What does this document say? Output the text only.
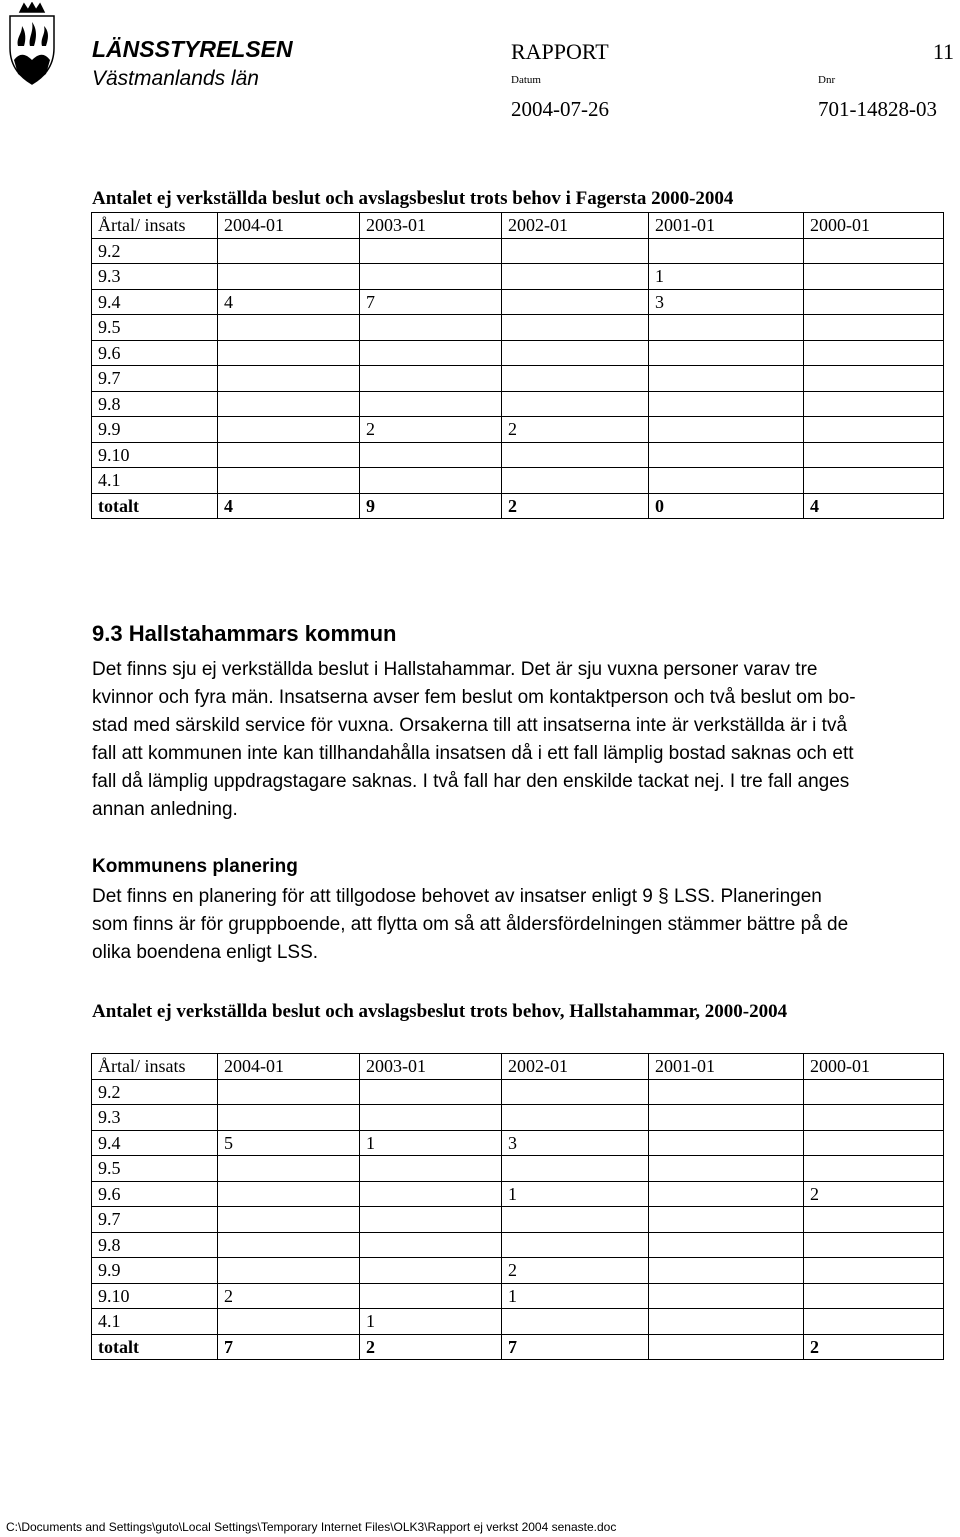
LÄNSSTYRELSEN
Västmanlands län
RAPPORT	11
Datum	Dnr
2004-07-26	701-14828-03
Antalet ej verkställda beslut och avslagsbeslut trots behov i Fagersta 2000-2004
Årtal/ insats	2004-01	2003-01	2002-01	2001-01	2000-01
9.2					
9.3				1	
9.4	4	7		3	
9.5					
9.6					
9.7					
9.8					
9.9		2	2		
9.10					
4.1					
totalt	4	9	2	0	4
9.3 Hallstahammars kommun
Det finns sju ej verkställda beslut i Hallstahammar. Det är sju vuxna personer varav tre
kvinnor och fyra män. Insatserna avser fem beslut om kontaktperson och två beslut om bo-
stad med särskild service för vuxna. Orsakerna till att insatserna inte är verkställda är i två
fall att kommunen inte kan tillhandahålla insatsen då i ett fall lämplig bostad saknas och ett
fall då lämplig uppdragstagare saknas. I två fall har den enskilde tackat nej. I tre fall anges
annan anledning.
Kommunens planering
Det finns en planering för att tillgodose behovet av insatser enligt 9 § LSS. Planeringen
som finns är för gruppboende, att flytta om så att åldersfördelningen stämmer bättre på de
olika boendena enligt LSS.
Antalet ej verkställda beslut och avslagsbeslut trots behov, Hallstahammar, 2000-2004
Årtal/ insats	2004-01	2003-01	2002-01	2001-01	2000-01
9.2					
9.3					
9.4	5	1	3		
9.5					
9.6			1		2
9.7					
9.8					
9.9			2		
9.10	2		1		
4.1		1			
totalt	7	2	7		2
C:\Documents and Settings\guto\Local Settings\Temporary Internet Files\OLK3\Rapport ej verkst 2004 senaste.doc
